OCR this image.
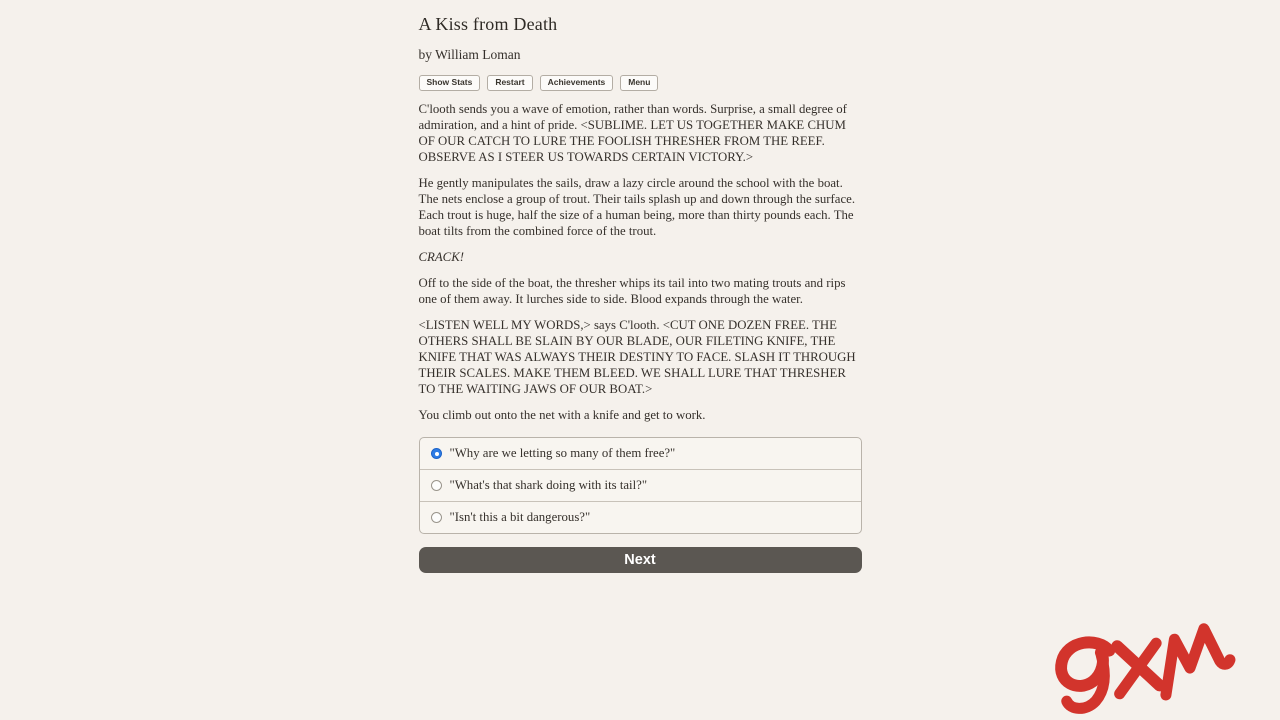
A Kiss from Death
by William Loman
Show Stats	Restart	Achievements	Menu

C'looth sends you a wave of emotion, rather than words. Surprise, a small degree of admiration, and a hint of pride. <SUBLIME. LET US TOGETHER MAKE CHUM OF OUR CATCH TO LURE THE FOOLISH THRESHER FROM THE REEF. OBSERVE AS I STEER US TOWARDS CERTAIN VICTORY.>

He gently manipulates the sails, draw a lazy circle around the school with the boat. The nets enclose a group of trout. Their tails splash up and down through the surface. Each trout is huge, half the size of a human being, more than thirty pounds each. The boat tilts from the combined force of the trout.

CRACK!

Off to the side of the boat, the thresher whips its tail into two mating trouts and rips one of them away. It lurches side to side. Blood expands through the water.

<LISTEN WELL MY WORDS,> says C'looth. <CUT ONE DOZEN FREE. THE OTHERS SHALL BE SLAIN BY OUR BLADE, OUR FILETING KNIFE, THE KNIFE THAT WAS ALWAYS THEIR DESTINY TO FACE. SLASH IT THROUGH THEIR SCALES. MAKE THEM BLEED. WE SHALL LURE THAT THRESHER TO THE WAITING JAWS OF OUR BOAT.>

You climb out onto the net with a knife and get to work.

"Why are we letting so many of them free?"
"What's that shark doing with its tail?"
"Isn't this a bit dangerous?"
Next
